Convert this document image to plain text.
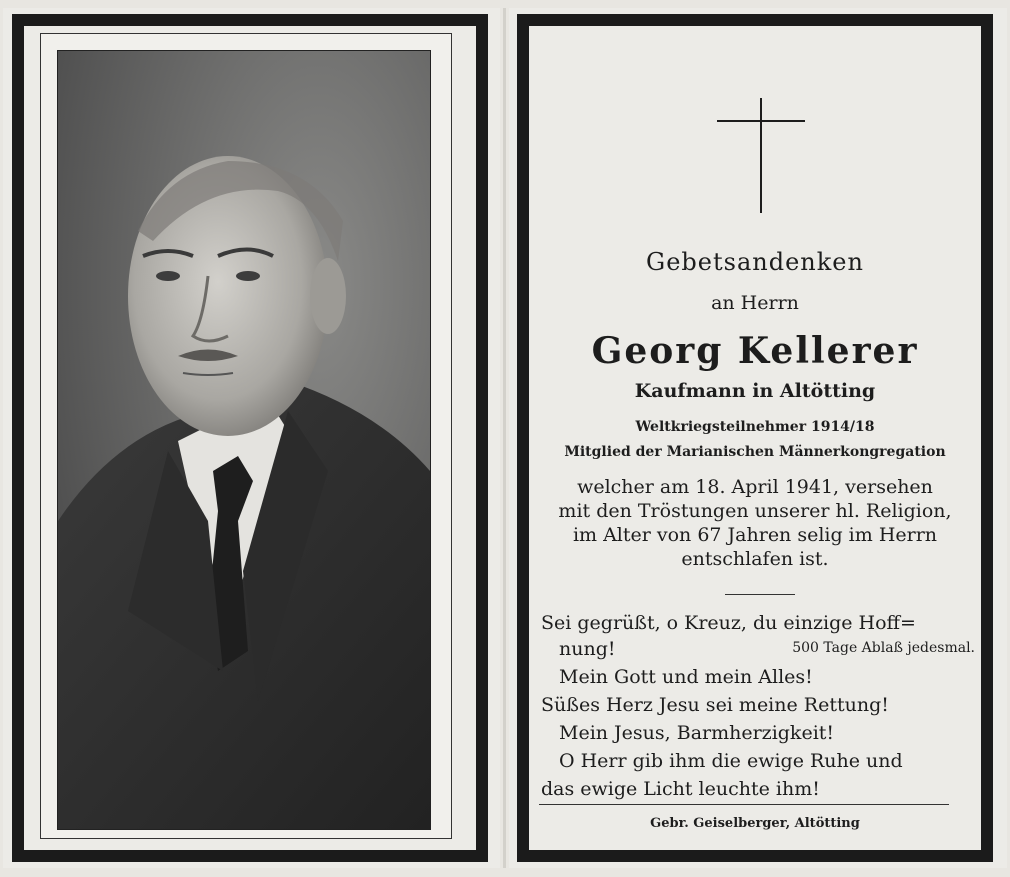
Gebetsandenken
an Herrn
Georg Kellerer
Kaufmann in Altötting
Weltkriegsteilnehmer 1914/18
Mitglied der Marianischen Männerkongregation
welcher am 18. April 1941, versehen
mit den Tröstungen unserer hl. Religion,
im Alter von 67 Jahren selig im Herrn
entschlafen ist.
Sei gegrüßt, o Kreuz, du einzige Hoff=
nung!	500 Tage Ablaß jedesmal.
Mein Gott und mein Alles!
Süßes Herz Jesu sei meine Rettung!
Mein Jesus, Barmherzigkeit!
O Herr gib ihm die ewige Ruhe und
das ewige Licht leuchte ihm!
Gebr. Geiselberger, Altötting
